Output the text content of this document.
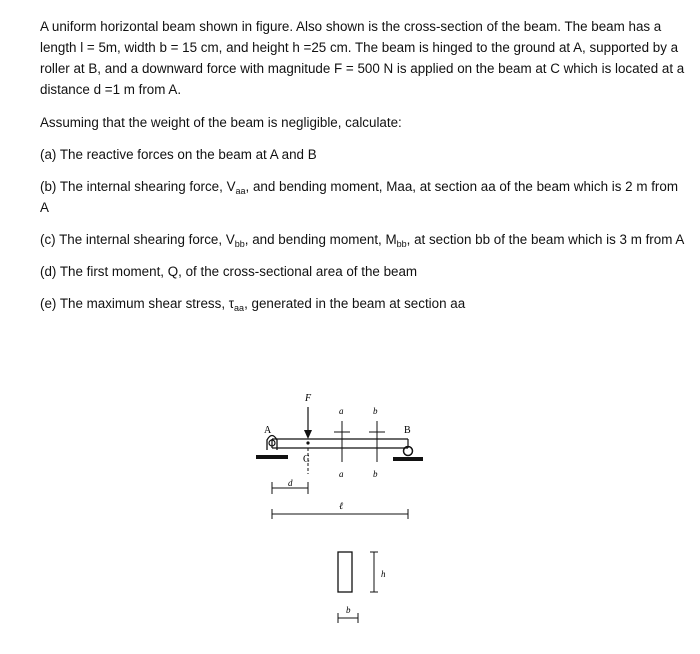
A uniform horizontal beam shown in figure. Also shown is the cross-section of the beam. The beam has a length l = 5m, width b = 15 cm, and height h =25 cm. The beam is hinged to the ground at A, supported by a roller at B, and a downward force with magnitude F = 500 N is applied on the beam at C which is located at a distance d =1 m from A.

Assuming that the weight of the beam is negligible, calculate:

(a) The reactive forces on the beam at A and B

(b) The internal shearing force, $V_{aa}$, and bending moment, Maa, at section aa of the beam which is 2 m from A

(c) The internal shearing force, $V_{bb}$, and bending moment, $M_{bb}$, at section bb of the beam which is 3 m from A

(d) The first moment, Q, of the cross-sectional area of the beam

(e) The maximum shear stress, $\tau_{aa}$, generated in the beam at section aa

F
A	B
C
a	b
a	b
d
ℓ
h
b
